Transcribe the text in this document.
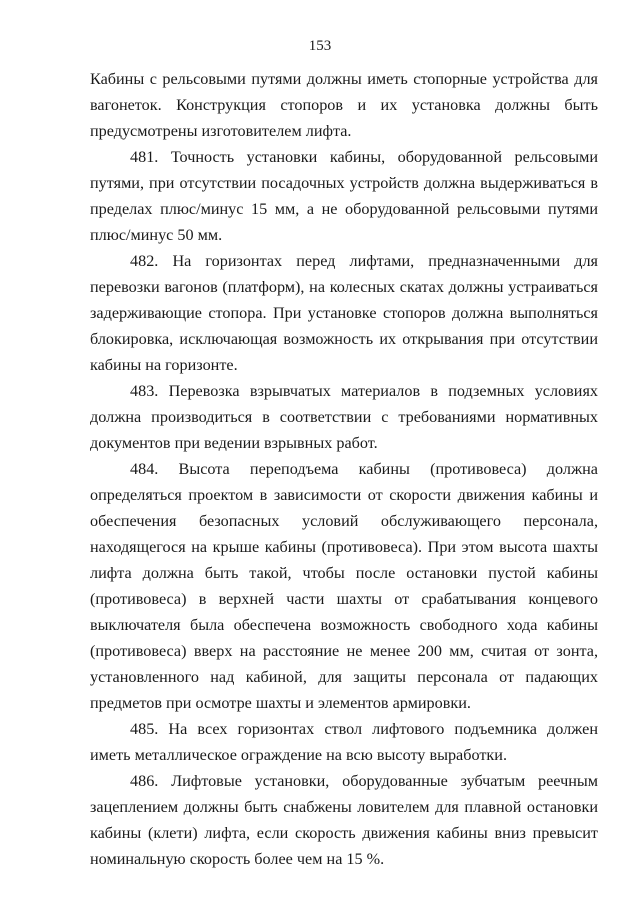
153

Кабины с рельсовыми путями должны иметь стопорные устройства для вагонеток. Конструкция стопоров и их установка должны быть предусмотрены изготовителем лифта.

481. Точность установки кабины, оборудованной рельсовыми путями, при отсутствии посадочных устройств должна выдерживаться в пределах плюс/минус 15 мм, а не оборудованной рельсовыми путями плюс/минус 50 мм.

482. На горизонтах перед лифтами, предназначенными для перевозки вагонов (платформ), на колесных скатах должны устраиваться задерживающие стопора. При установке стопоров должна выполняться блокировка, исключающая возможность их открывания при отсутствии кабины на горизонте.

483. Перевозка взрывчатых материалов в подземных условиях должна производиться в соответствии с требованиями нормативных документов при ведении взрывных работ.

484. Высота переподъема кабины (противовеса) должна определяться проектом в зависимости от скорости движения кабины и обеспечения безопасных условий обслуживающего персонала, находящегося на крыше кабины (противовеса). При этом высота шахты лифта должна быть такой, чтобы после остановки пустой кабины (противовеса) в верхней части шахты от срабатывания концевого выключателя была обеспечена возможность свободного хода кабины (противовеса) вверх на расстояние не менее 200 мм, считая от зонта, установленного над кабиной, для защиты персонала от падающих предметов при осмотре шахты и элементов армировки.

485. На всех горизонтах ствол лифтового подъемника должен иметь металлическое ограждение на всю высоту выработки.

486. Лифтовые установки, оборудованные зубчатым реечным зацеплением должны быть снабжены ловителем для плавной остановки кабины (клети) лифта, если скорость движения кабины вниз превысит номинальную скорость более чем на 15 %.
